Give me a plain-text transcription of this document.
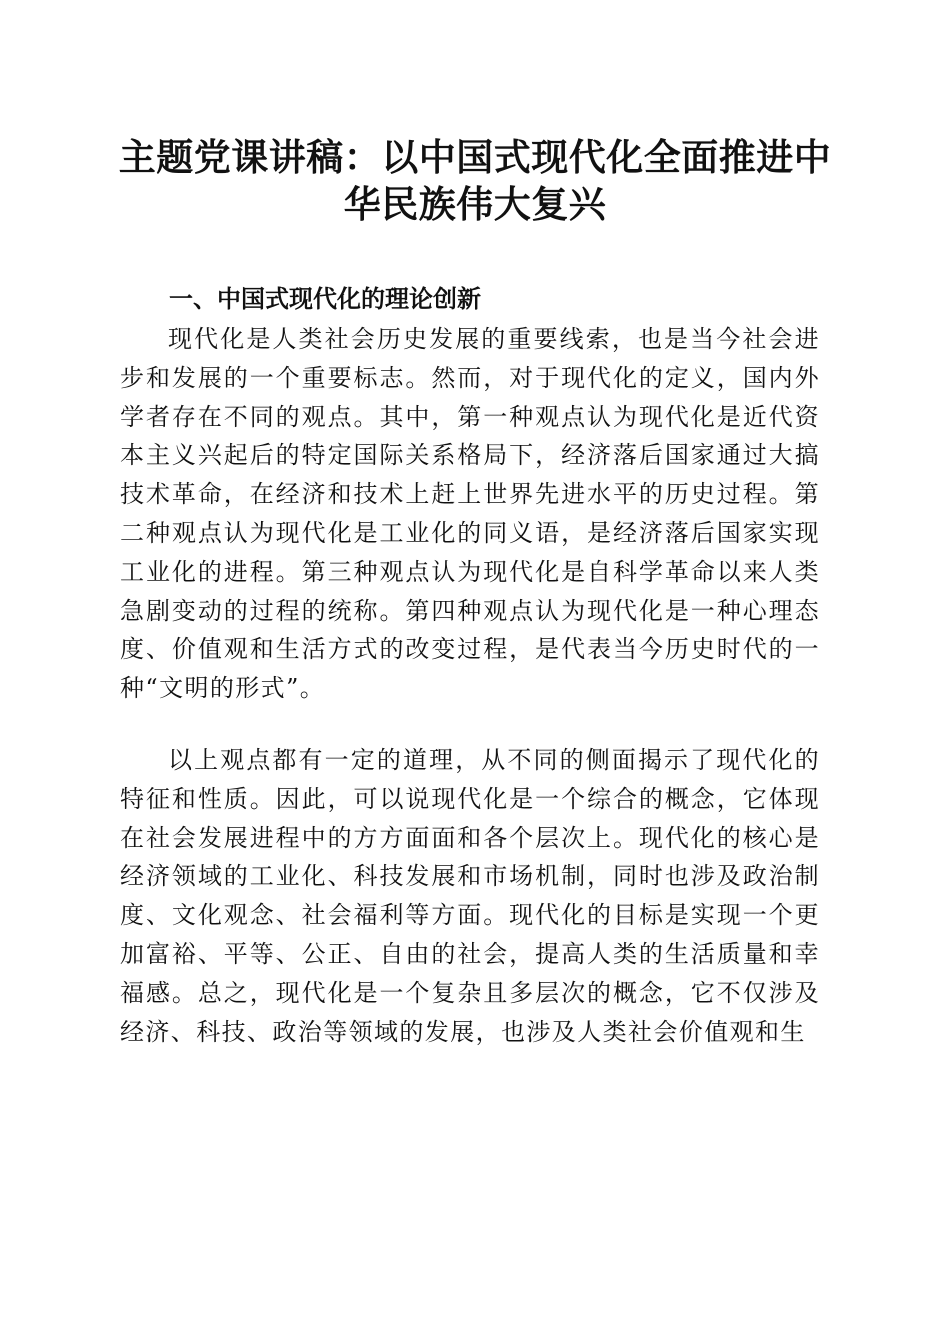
主题党课讲稿：以中国式现代化全面推进中华民族伟大复兴
一、中国式现代化的理论创新

现代化是人类社会历史发展的重要线索，也是当今社会进步和发展的一个重要标志。然而，对于现代化的定义，国内外学者存在不同的观点。其中，第一种观点认为现代化是近代资本主义兴起后的特定国际关系格局下，经济落后国家通过大搞技术革命，在经济和技术上赶上世界先进水平的历史过程。第二种观点认为现代化是工业化的同义语，是经济落后国家实现工业化的进程。第三种观点认为现代化是自科学革命以来人类急剧变动的过程的统称。第四种观点认为现代化是一种心理态度、价值观和生活方式的改变过程，是代表当今历史时代的一种“文明的形式”。

以上观点都有一定的道理，从不同的侧面揭示了现代化的特征和性质。因此，可以说现代化是一个综合的概念，它体现在社会发展进程中的方方面面和各个层次上。现代化的核心是经济领域的工业化、科技发展和市场机制，同时也涉及政治制度、文化观念、社会福利等方面。现代化的目标是实现一个更加富裕、平等、公正、自由的社会，提高人类的生活质量和幸福感。总之，现代化是一个复杂且多层次的概念，它不仅涉及经济、科技、政治等领域的发展，也涉及人类社会价值观和生
